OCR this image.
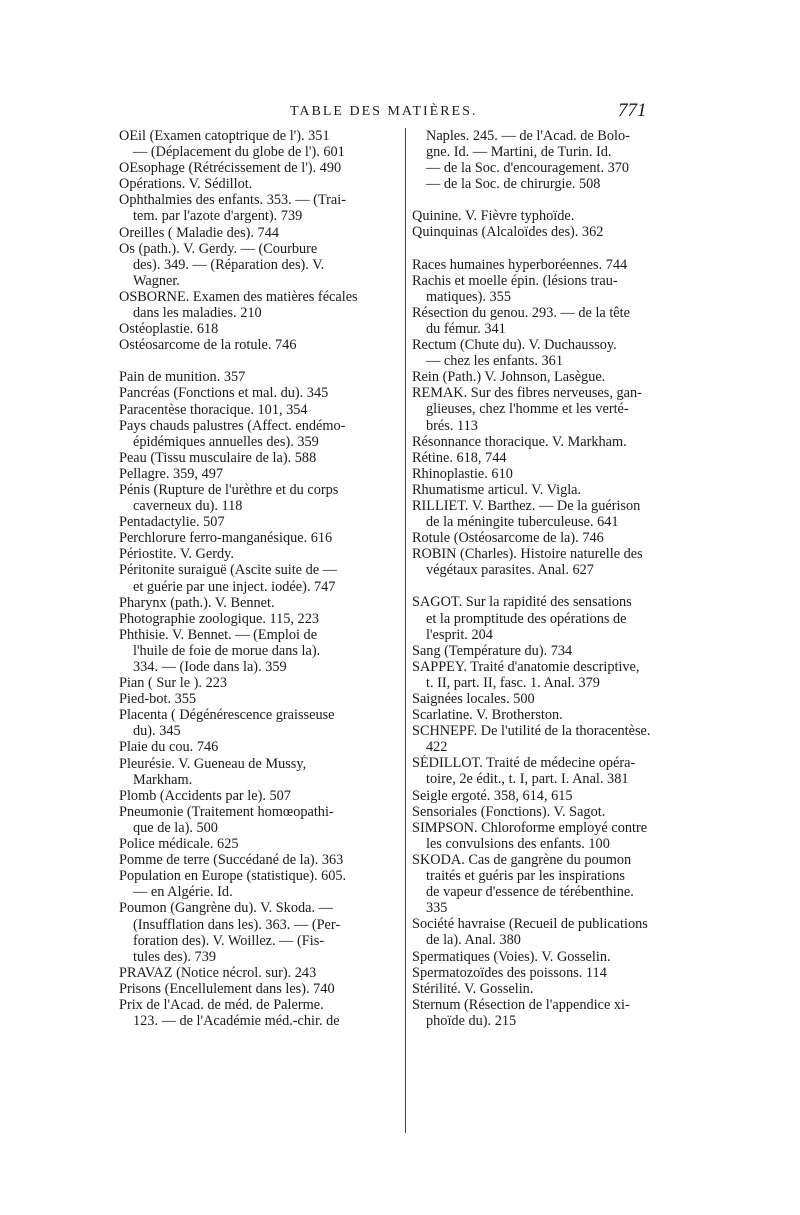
TABLE DES MATIÈRES.	771
OEil (Examen catoptrique de l'). 351
— (Déplacement du globe de l'). 601
OEsophage (Rétrécissement de l'). 490
Opérations. V. Sédillot.
Ophthalmies des enfants. 353. — (Trai-
tem. par l'azote d'argent). 739
Oreilles ( Maladie des). 744
Os (path.). V. Gerdy. — (Courbure
des). 349. — (Réparation des). V.
Wagner.
OSBORNE. Examen des matières fécales
dans les maladies. 210
Ostéoplastie. 618
Ostéosarcome de la rotule. 746
Pain de munition. 357
Pancréas (Fonctions et mal. du). 345
Paracentèse thoracique. 101, 354
Pays chauds palustres (Affect. endémo-
épidémiques annuelles des). 359
Peau (Tissu musculaire de la). 588
Pellagre. 359, 497
Pénis (Rupture de l'urèthre et du corps
caverneux du). 118
Pentadactylie. 507
Perchlorure ferro-manganésique. 616
Périostite. V. Gerdy.
Péritonite suraiguë (Ascite suite de —
et guérie par une inject. iodée). 747
Pharynx (path.). V. Bennet.
Photographie zoologique. 115, 223
Phthisie. V. Bennet. — (Emploi de
l'huile de foie de morue dans la).
334. — (Iode dans la). 359
Pian ( Sur le ). 223
Pied-bot. 355
Placenta ( Dégénérescence graisseuse
du). 345
Plaie du cou. 746
Pleurésie. V. Gueneau de Mussy,
Markham.
Plomb (Accidents par le). 507
Pneumonie (Traitement homœopathi-
que de la). 500
Police médicale. 625
Pomme de terre (Succédané de la). 363
Population en Europe (statistique). 605.
— en Algérie. Id.
Poumon (Gangrène du). V. Skoda. —
(Insufflation dans les). 363. — (Per-
foration des). V. Woillez. — (Fis-
tules des). 739
PRAVAZ (Notice nécrol. sur). 243
Prisons (Encellulement dans les). 740
Prix de l'Acad. de méd. de Palerme.
123. — de l'Académie méd.-chir. de
Naples. 245. — de l'Acad. de Bolo-
gne. Id. — Martini, de Turin. Id.
— de la Soc. d'encouragement. 370
— de la Soc. de chirurgie. 508
Quinine. V. Fièvre typhoïde.
Quinquinas (Alcaloïdes des). 362
Races humaines hyperboréennes. 744
Rachis et moelle épin. (lésions trau-
matiques). 355
Résection du genou. 293. — de la tête
du fémur. 341
Rectum (Chute du). V. Duchaussoy.
— chez les enfants. 361
Rein (Path.) V. Johnson, Lasègue.
REMAK. Sur des fibres nerveuses, gan-
glieuses, chez l'homme et les verté-
brés. 113
Résonnance thoracique. V. Markham.
Rétine. 618, 744
Rhinoplastie. 610
Rhumatisme articul. V. Vigla.
RILLIET. V. Barthez. — De la guérison
de la méningite tuberculeuse. 641
Rotule (Ostéosarcome de la). 746
ROBIN (Charles). Histoire naturelle des
végétaux parasites. Anal. 627
SAGOT. Sur la rapidité des sensations
et la promptitude des opérations de
l'esprit. 204
Sang (Température du). 734
SAPPEY. Traité d'anatomie descriptive,
t. II, part. II, fasc. 1. Anal. 379
Saignées locales. 500
Scarlatine. V. Brotherston.
SCHNEPF. De l'utilité de la thoracentèse.
422
SÉDILLOT. Traité de médecine opéra-
toire, 2e édit., t. I, part. I. Anal. 381
Seigle ergoté. 358, 614, 615
Sensoriales (Fonctions). V. Sagot.
SIMPSON. Chloroforme employé contre
les convulsions des enfants. 100
SKODA. Cas de gangrène du poumon
traités et guéris par les inspirations
de vapeur d'essence de térébenthine.
335
Société havraise (Recueil de publications
de la). Anal. 380
Spermatiques (Voies). V. Gosselin.
Spermatozoïdes des poissons. 114
Stérilité. V. Gosselin.
Sternum (Résection de l'appendice xi-
phoïde du). 215
